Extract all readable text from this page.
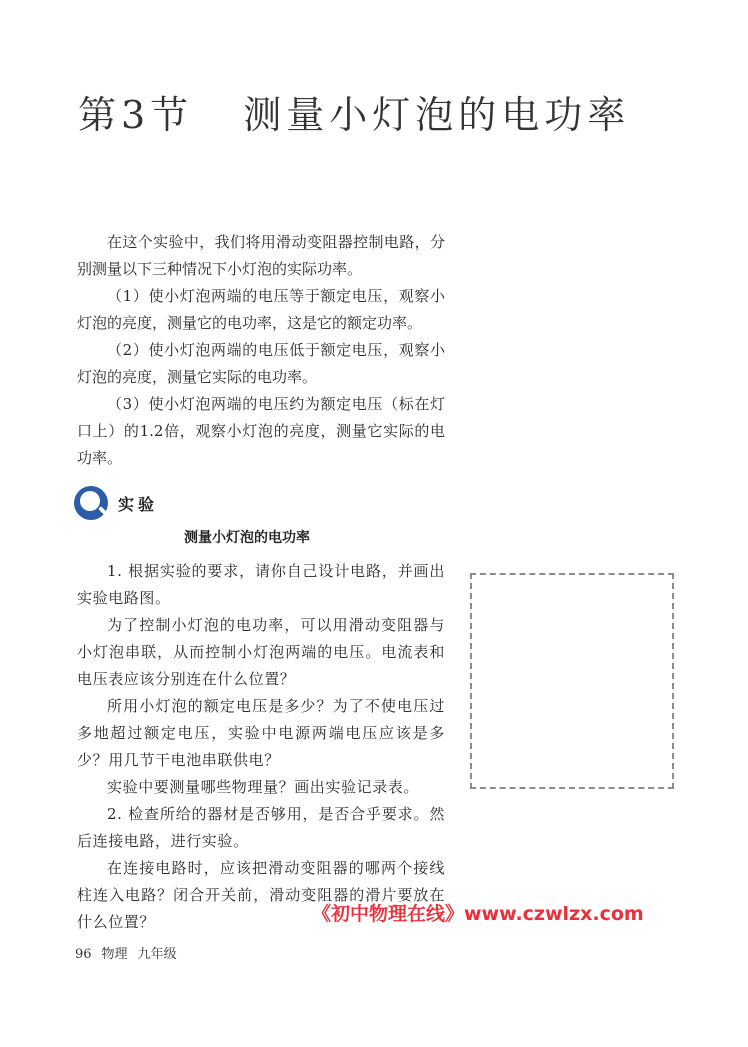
第3节 测量小灯泡的电功率

在这个实验中，我们将用滑动变阻器控制电路，分别测量以下三种情况下小灯泡的实际功率。

（1）使小灯泡两端的电压等于额定电压，观察小灯泡的亮度，测量它的电功率，这是它的额定功率。

（2）使小灯泡两端的电压低于额定电压，观察小灯泡的亮度，测量它实际的电功率。

（3）使小灯泡两端的电压约为额定电压（标在灯口上）的1.2倍，观察小灯泡的亮度，测量它实际的电功率。

实验
测量小灯泡的电功率

1. 根据实验的要求，请你自己设计电路，并画出实验电路图。

为了控制小灯泡的电功率，可以用滑动变阻器与小灯泡串联，从而控制小灯泡两端的电压。电流表和电压表应该分别连在什么位置？

所用小灯泡的额定电压是多少？为了不使电压过多地超过额定电压，实验中电源两端电压应该是多少？用几节干电池串联供电？

实验中要测量哪些物理量？画出实验记录表。

2. 检查所给的器材是否够用，是否合乎要求。然后连接电路，进行实验。

在连接电路时，应该把滑动变阻器的哪两个接线柱连入电路？闭合开关前，滑动变阻器的滑片要放在什么位置？	《初中物理在线》www.czwlzx.com
96 物理 九年级
